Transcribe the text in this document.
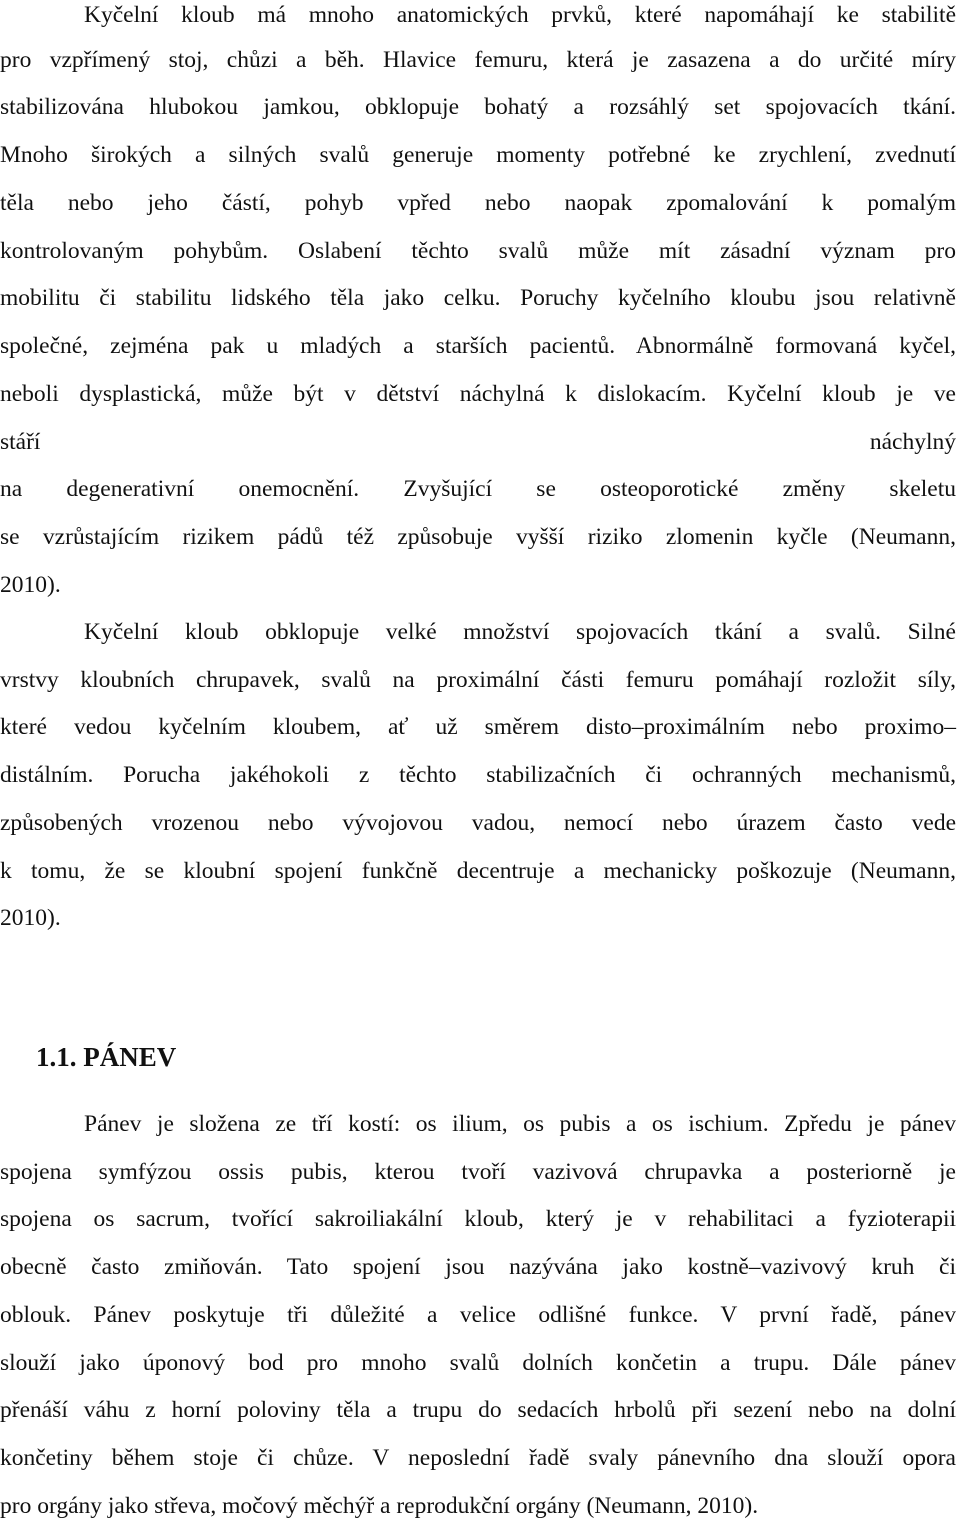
Kyčelní kloub má mnoho anatomických prvků, které napomáhají ke stabilitě
pro vzpřímený stoj, chůzi a běh. Hlavice femuru, která je zasazena a do určité míry
stabilizována hlubokou jamkou, obklopuje bohatý a rozsáhlý set spojovacích tkání.
Mnoho širokých a silných svalů generuje momenty potřebné ke zrychlení, zvednutí
těla nebo jeho částí, pohyb vpřed nebo naopak zpomalování k pomalým
kontrolovaným pohybům. Oslabení těchto svalů může mít zásadní význam pro
mobilitu či stabilitu lidského těla jako celku. Poruchy kyčelního kloubu jsou relativně
společné, zejména pak u mladých a starších pacientů. Abnormálně formovaná kyčel,
neboli dysplastická, může být v dětství náchylná k dislokacím. Kyčelní kloub je ve
stáří náchylný
na degenerativní onemocnění. Zvyšující se osteoporotické změny skeletu
se vzrůstajícím rizikem pádů též způsobuje vyšší riziko zlomenin kyčle (Neumann,
2010).
Kyčelní kloub obklopuje velké množství spojovacích tkání a svalů. Silné
vrstvy kloubních chrupavek, svalů na proximální části femuru pomáhají rozložit síly,
které vedou kyčelním kloubem, ať už směrem disto–proximálním nebo proximo–
distálním. Porucha jakéhokoli z těchto stabilizačních či ochranných mechanismů,
způsobených vrozenou nebo vývojovou vadou, nemocí nebo úrazem často vede
k tomu, že se kloubní spojení funkčně decentruje a mechanicky poškozuje (Neumann,
2010).
1.1. PÁNEV
Pánev je složena ze tří kostí: os ilium, os pubis a os ischium. Zpředu je pánev
spojena symfýzou ossis pubis, kterou tvoří vazivová chrupavka a posteriorně je
spojena os sacrum, tvořící sakroiliakální kloub, který je v rehabilitaci a fyzioterapii
obecně často zmiňován. Tato spojení jsou nazývána jako kostně–vazivový kruh či
oblouk. Pánev poskytuje tři důležité a velice odlišné funkce. V první řadě, pánev
slouží jako úponový bod pro mnoho svalů dolních končetin a trupu. Dále pánev
přenáší váhu z horní poloviny těla a trupu do sedacích hrbolů při sezení nebo na dolní
končetiny během stoje či chůze. V neposlední řadě svaly pánevního dna slouží opora
pro orgány jako střeva, močový měchýř a reprodukční orgány (Neumann, 2010).
